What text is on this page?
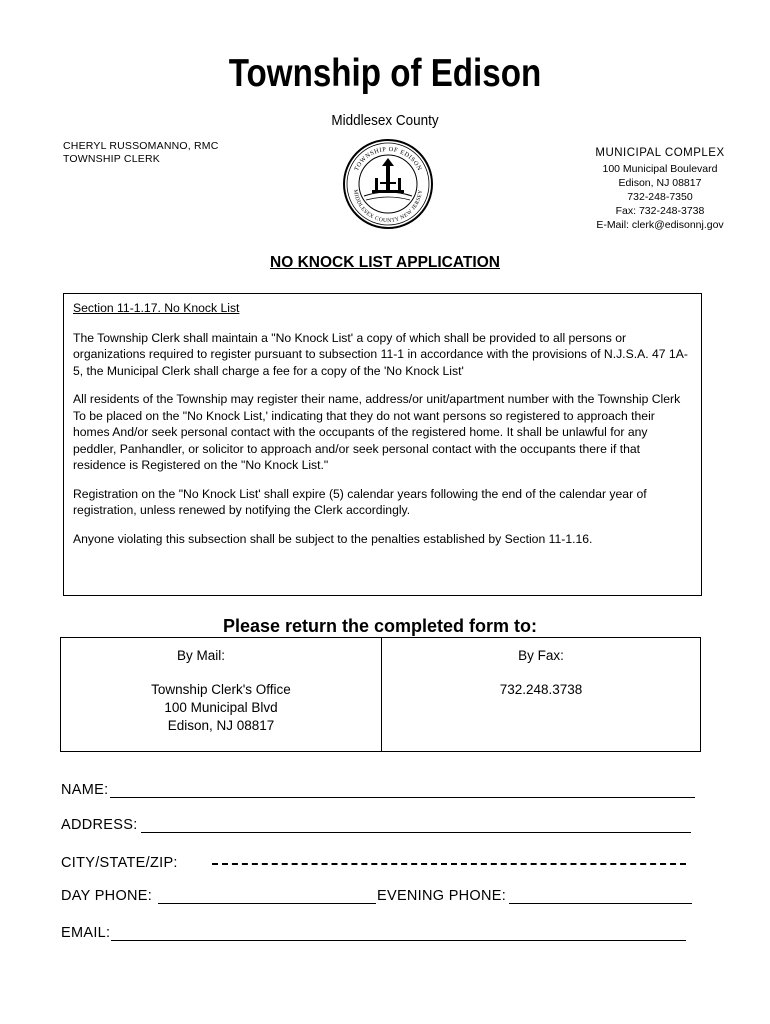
Township of Edison
Middlesex County
CHERYL RUSSOMANNO, RMC
TOWNSHIP CLERK
TOWNSHIP OF EDISON
MIDDLESEX COUNTY NEW JERSEY
MUNICIPAL COMPLEX
100 Municipal Boulevard
Edison, NJ 08817
732-248-7350
Fax: 732-248-3738
E-Mail: clerk@edisonnj.gov
NO KNOCK LIST APPLICATION
Section 11-1.17. No Knock List

The Township Clerk shall maintain a "No Knock List' a copy of which shall be provided to all persons or organizations required to register pursuant to subsection 11-1 in accordance with the provisions of N.J.S.A. 47 1A-5, the Municipal Clerk shall charge a fee for a copy of the 'No Knock List'

All residents of the Township may register their name, address/or unit/apartment number with the Township Clerk To be placed on the "No Knock List,' indicating that they do not want persons so registered to approach their homes And/or seek personal contact with the occupants of the registered home. It shall be unlawful for any peddler, Panhandler, or solicitor to approach and/or seek personal contact with the occupants there if that residence is Registered on the "No Knock List."

Registration on the "No Knock List' shall expire (5) calendar years following the end of the calendar year of registration, unless renewed by notifying the Clerk accordingly.

Anyone violating this subsection shall be subject to the penalties established by Section 11-1.16.

Please return the completed form to:
By Mail:
Township Clerk's Office
100 Municipal Blvd
Edison, NJ 08817
By Fax:
732.248.3738
NAME:
ADDRESS:
CITY/STATE/ZIP:
DAY PHONE:	EVENING PHONE:
EMAIL:
